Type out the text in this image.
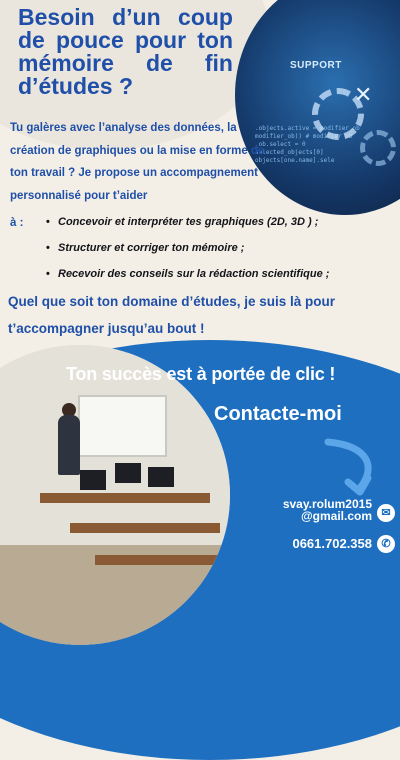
.objects.active = modifier_ob
modifier_ob)) # modifier ob
_ob.select = 0
selected_objects[0]
objects[one.name].sele
SUPPORT
✕
Besoin d’un coup de pouce pour ton mémoire de fin d’études ?

Tu galères avec l’analyse des données, la création de graphiques ou la mise en forme de ton travail ? Je propose un accompagnement personnalisé pour t’aider

à :
•	Concevoir et interpréter tes graphiques (2D, 3D ) ;
• Structurer et corriger ton mémoire ;
• Recevoir des conseils sur la rédaction scientifique ;

Quel que soit ton domaine d’études, je suis là pour t’accompagner jusqu’au bout !

Ton succès est à portée de clic !
Contacte-moi
svay.rolum2015
@gmail.com ✉
0661.702.358 ✆
